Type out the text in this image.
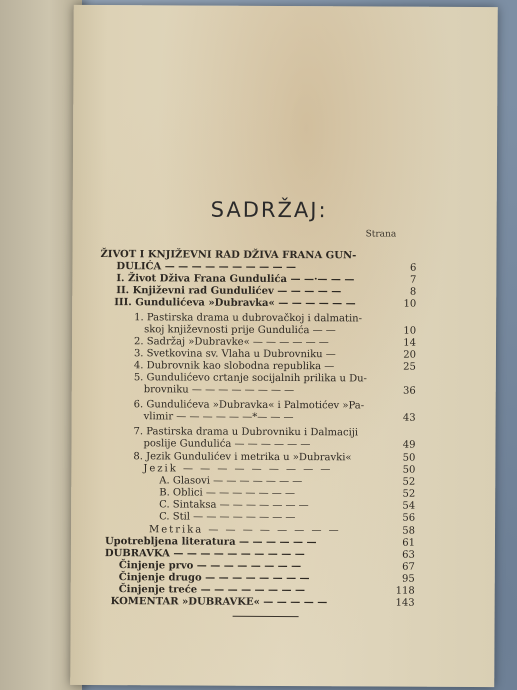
SADRŽAJ:
Strana
ŽIVOT I KNJIŽEVNI RAD DŽIVA FRANA GUN-
DULIĆA — — — — — — — — — —	6
I. Život Dživa Frana Gundulića — —·— — —	7
II. Književni rad Gundulićev — — — — —	8
III. Gundulićeva »Dubravka« — — — — — —	10
1. Pastirska drama u dubrovačkoj i dalmatin-
skoj književnosti prije Gundulića — —	10
2. Sadržaj »Dubravke« — — — — — —	14
3. Svetkovina sv. Vlaha u Dubrovniku —	20
4. Dubrovnik kao slobodna republika —	25
5. Gundulićevo crtanje socijalnih prilika u Du-
brovniku — — — — — — — —	36
6. Gundulićeva »Dubravka« i Palmotićev »Pa-
vlimir — — — — — —*— — —	43
7. Pastirska drama u Dubrovniku i Dalmaciji
poslije Gundulića — — — — — —	49
8. Jezik Gundulićev i metrika u »Dubravki«	50
Jezik — — — — — — — — —	50
A. Glasovi — — — — — — —	52
B. Oblici — — — — — — —	52
C. Sintaksa — — — — — — —	54
C. Stil — — — — — — — —	56
Metrika — — — — — — — —	58
Upotrebljena literatura — — — — — —	61
DUBRAVKA — — — — — — — — — —	63
Činjenje prvo — — — — — — — —	67
Činjenje drugo — — — — — — — —	95
Činjenje treće — — — — — — — —	118
KOMENTAR »DUBRAVKE« — — — — —	143
